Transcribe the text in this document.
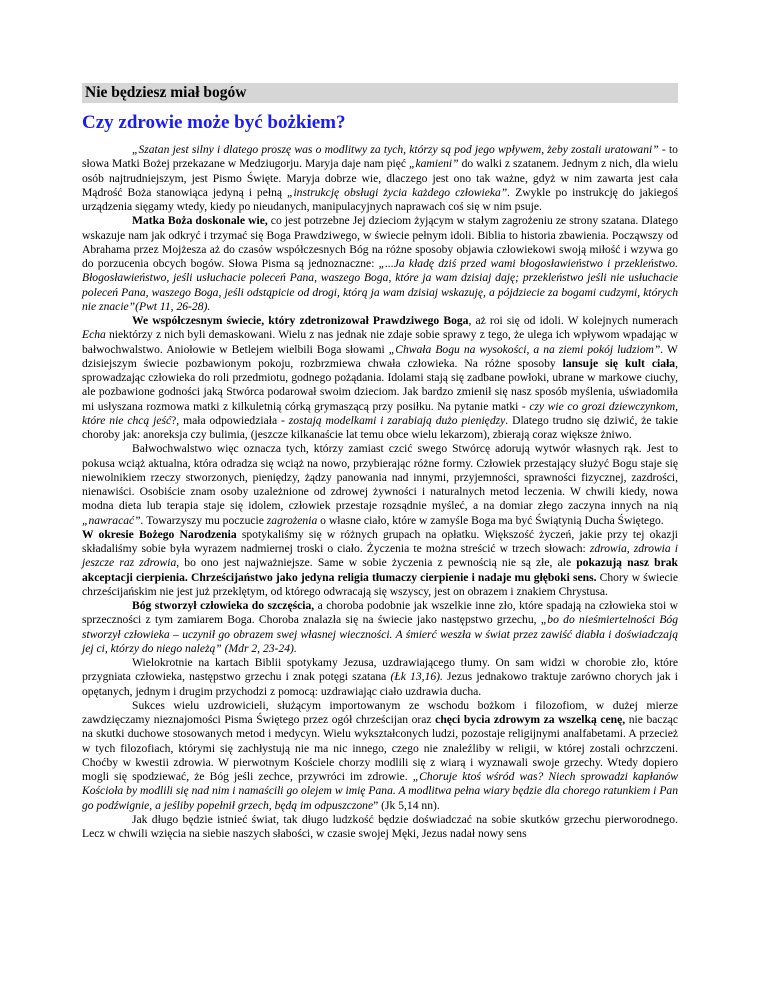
Nie będziesz miał bogów
Czy zdrowie może być bożkiem?

„Szatan jest silny i dlatego proszę was o modlitwy za tych, którzy są pod jego wpływem, żeby zostali uratowani” - to słowa Matki Bożej przekazane w Medziugorju. Maryja daje nam pięć „kamieni” do walki z szatanem. Jednym z nich, dla wielu osób najtrudniejszym, jest Pismo Święte. Maryja dobrze wie, dlaczego jest ono tak ważne, gdyż w nim zawarta jest cała Mądrość Boża stanowiąca jedyną i pełną „instrukcję obsługi życia każdego człowieka”. Zwykle po instrukcję do jakiegoś urządzenia sięgamy wtedy, kiedy po nieudanych, manipulacyjnych naprawach coś się w nim psuje.

Matka Boża doskonale wie, co jest potrzebne Jej dzieciom żyjącym w stałym zagrożeniu ze strony szatana. Dlatego wskazuje nam jak odkryć i trzymać się Boga Prawdziwego, w świecie pełnym idoli. Biblia to historia zbawienia. Począwszy od Abrahama przez Mojżesza aż do czasów współczesnych Bóg na różne sposoby objawia człowiekowi swoją miłość i wzywa go do porzucenia obcych bogów. Słowa Pisma są jednoznaczne: „...Ja kładę dziś przed wami błogosławieństwo i przekleństwo. Błogosławieństwo, jeśli usłuchacie poleceń Pana, waszego Boga, które ja wam dzisiaj daję; przekleństwo jeśli nie usłuchacie poleceń Pana, waszego Boga, jeśli odstąpicie od drogi, którą ja wam dzisiaj wskazuję, a pójdziecie za bogami cudzymi, których nie znacie”(Pwt 11, 26-28).

We współczesnym świecie, który zdetronizował Prawdziwego Boga, aż roi się od idoli. W kolejnych numerach Echa niektórzy z nich byli demaskowani. Wielu z nas jednak nie zdaje sobie sprawy z tego, że ulega ich wpływom wpadając w bałwochwalstwo. Aniołowie w Betlejem wielbili Boga słowami „Chwała Bogu na wysokości, a na ziemi pokój ludziom”. W dzisiejszym świecie pozbawionym pokoju, rozbrzmiewa chwała człowieka. Na różne sposoby lansuje się kult ciała, sprowadzając człowieka do roli przedmiotu, godnego pożądania. Idolami stają się zadbane powłoki, ubrane w markowe ciuchy, ale pozbawione godności jaką Stwórca podarował swoim dzieciom. Jak bardzo zmienił się nasz sposób myślenia, uświadomiła mi usłyszana rozmowa matki z kilkuletnią córką grymaszącą przy posiłku. Na pytanie matki - czy wie co grozi dziewczynkom, które nie chcą jeść?, mała odpowiedziała - zostają modelkami i zarabiają dużo pieniędzy. Dlatego trudno się dziwić, że takie choroby jak: anoreksja czy bulimia, (jeszcze kilkanaście lat temu obce wielu lekarzom), zbierają coraz większe żniwo.

Bałwochwalstwo więc oznacza tych, którzy zamiast czcić swego Stwórcę adorują wytwór własnych rąk. Jest to pokusa wciąż aktualna, która odradza się wciąż na nowo, przybierając różne formy. Człowiek przestający służyć Bogu staje się niewolnikiem rzeczy stworzonych, pieniędzy, żądzy panowania nad innymi, przyjemności, sprawności fizycznej, zazdrości, nienawiści. Osobiście znam osoby uzależnione od zdrowej żywności i naturalnych metod leczenia. W chwili kiedy, nowa modna dieta lub terapia staje się idolem, człowiek przestaje rozsądnie myśleć, a na domiar złego zaczyna innych na nią „nawracać”. Towarzyszy mu poczucie zagrożenia o własne ciało, które w zamyśle Boga ma być Świątynią Ducha Świętego.

W okresie Bożego Narodzenia spotykaliśmy się w różnych grupach na opłatku. Większość życzeń, jakie przy tej okazji składaliśmy sobie była wyrazem nadmiernej troski o ciało. Życzenia te można streścić w trzech słowach: zdrowia, zdrowia i jeszcze raz zdrowia, bo ono jest najważniejsze. Same w sobie życzenia z pewnością nie są złe, ale pokazują nasz brak akceptacji cierpienia. Chrześcijaństwo jako jedyna religia tłumaczy cierpienie i nadaje mu głęboki sens. Chory w świecie chrześcijańskim nie jest już przeklętym, od którego odwracają się wszyscy, jest on obrazem i znakiem Chrystusa.

Bóg stworzył człowieka do szczęścia, a choroba podobnie jak wszelkie inne zło, które spadają na człowieka stoi w sprzeczności z tym zamiarem Boga. Choroba znalazła się na świecie jako następstwo grzechu, „bo do nieśmiertelności Bóg stworzył człowieka – uczynił go obrazem swej własnej wieczności. A śmierć weszła w świat przez zawiść diabła i doświadczają jej ci, którzy do niego należą” (Mdr 2, 23-24).

Wielokrotnie na kartach Biblii spotykamy Jezusa, uzdrawiającego tłumy. On sam widzi w chorobie zło, które przygniata człowieka, następstwo grzechu i znak potęgi szatana (Łk 13,16). Jezus jednakowo traktuje zarówno chorych jak i opętanych, jednym i drugim przychodzi z pomocą: uzdrawiając ciało uzdrawia ducha.

Sukces wielu uzdrowicieli, służącym importowanym ze wschodu bożkom i filozofiom, w dużej mierze zawdzięczamy nieznajomości Pisma Świętego przez ogół chrześcijan oraz chęci bycia zdrowym za wszelką cenę, nie bacząc na skutki duchowe stosowanych metod i medycyn. Wielu wykształconych ludzi, pozostaje religijnymi analfabetami. A przecież w tych filozofiach, którymi się zachłystują nie ma nic innego, czego nie znaleźliby w religii, w której zostali ochrzczeni. Choćby w kwestii zdrowia. W pierwotnym Kościele chorzy modlili się z wiarą i wyznawali swoje grzechy. Wtedy dopiero mogli się spodziewać, że Bóg jeśli zechce, przywróci im zdrowie. „Choruje ktoś wśród was? Niech sprowadzi kapłanów Kościoła by modlili się nad nim i namaścili go olejem w imię Pana. A modlitwa pełna wiary będzie dla chorego ratunkiem i Pan go podźwignie, a jeśliby popełnił grzech, będą im odpuszczone” (Jk 5,14 nn).

Jak długo będzie istnieć świat, tak długo ludzkość będzie doświadczać na sobie skutków grzechu pierworodnego. Lecz w chwili wzięcia na siebie naszych słabości, w czasie swojej Męki, Jezus nadał nowy sens
